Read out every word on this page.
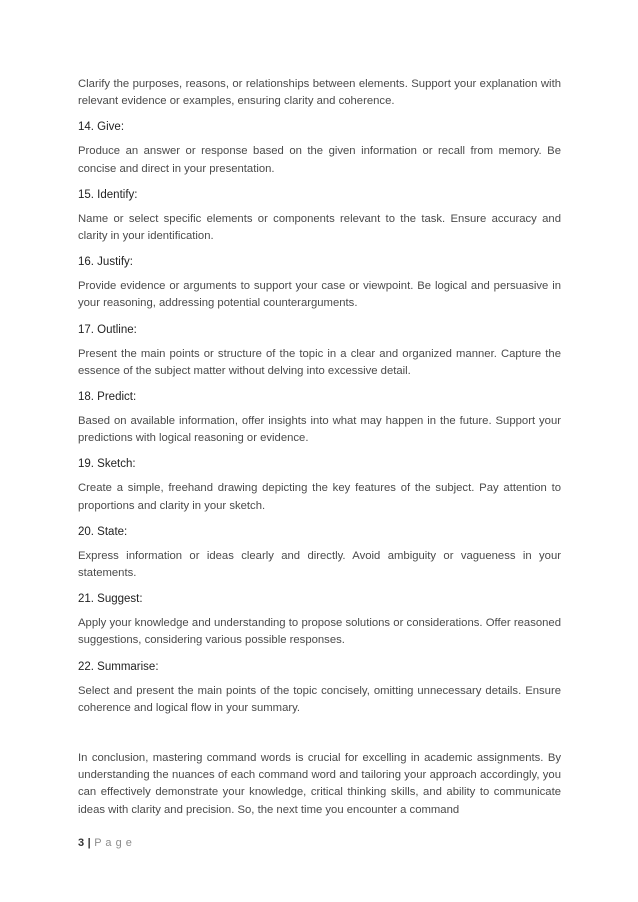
Clarify the purposes, reasons, or relationships between elements. Support your explanation with relevant evidence or examples, ensuring clarity and coherence.

14. Give:

Produce an answer or response based on the given information or recall from memory. Be concise and direct in your presentation.

15. Identify:

Name or select specific elements or components relevant to the task. Ensure accuracy and clarity in your identification.

16. Justify:

Provide evidence or arguments to support your case or viewpoint. Be logical and persuasive in your reasoning, addressing potential counterarguments.

17. Outline:

Present the main points or structure of the topic in a clear and organized manner. Capture the essence of the subject matter without delving into excessive detail.

18. Predict:

Based on available information, offer insights into what may happen in the future. Support your predictions with logical reasoning or evidence.

19. Sketch:

Create a simple, freehand drawing depicting the key features of the subject. Pay attention to proportions and clarity in your sketch.

20. State:

Express information or ideas clearly and directly. Avoid ambiguity or vagueness in your statements.

21. Suggest:

Apply your knowledge and understanding to propose solutions or considerations. Offer reasoned suggestions, considering various possible responses.

22. Summarise:

Select and present the main points of the topic concisely, omitting unnecessary details. Ensure coherence and logical flow in your summary.

In conclusion, mastering command words is crucial for excelling in academic assignments. By understanding the nuances of each command word and tailoring your approach accordingly, you can effectively demonstrate your knowledge, critical thinking skills, and ability to communicate ideas with clarity and precision. So, the next time you encounter a command

3 | P a g e
